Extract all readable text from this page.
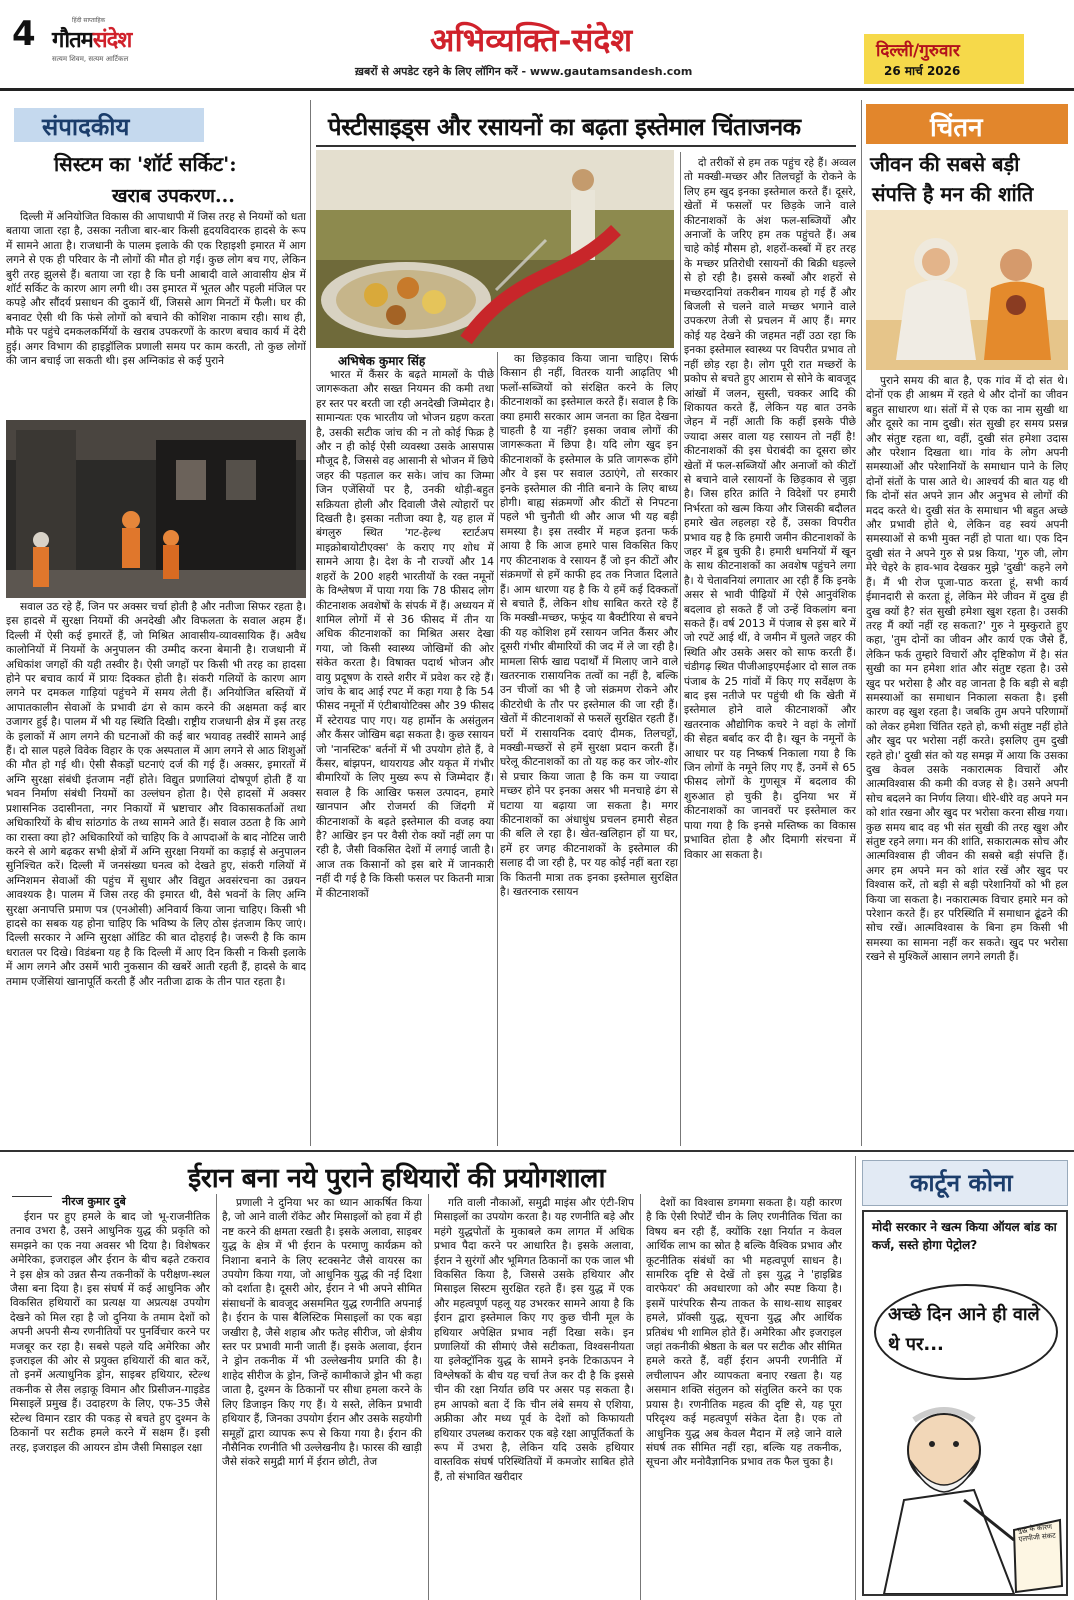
4	हिंदी साप्ताहिक
गौतमसंदेश
सत्यम शिवम, सत्यम आर्टिकल	अभिव्यक्ति-संदेश
ख़बरों से अपडेट रहने के लिए लॉगिन करें - www.gautamsandesh.com
दिल्ली/गुरुवार
26 मार्च 2026
संपादकीय
सिस्टम का 'शॉर्ट सर्किट':
खराब उपकरण...
दिल्ली में अनियोजित विकास की आपाधापी में जिस तरह से नियमों को धता बताया जाता रहा है, उसका नतीजा बार-बार किसी हृदयविदारक हादसे के रूप में सामने आता है। राजधानी के पालम इलाके की एक रिहाइशी इमारत में आग लगने से एक ही परिवार के नौ लोगों की मौत हो गई। कुछ लोग बच गए, लेकिन बुरी तरह झुलसे हैं। बताया जा रहा है कि घनी आबादी वाले आवासीय क्षेत्र में शॉर्ट सर्किट के कारण आग लगी थी। उस इमारत में भूतल और पहली मंजिल पर कपड़े और सौंदर्य प्रसाधन की दुकानें थीं, जिससे आग मिनटों में फैली। घर की बनावट ऐसी थी कि फंसे लोगों को बचाने की कोशिश नाकाम रही। साथ ही, मौके पर पहुंचे दमकलकर्मियों के खराब उपकरणों के कारण बचाव कार्य में देरी हुई। अगर विभाग की हाइड्रॉलिक प्रणाली समय पर काम करती, तो कुछ लोगों की जान बचाई जा सकती थी। इस अग्निकांड से कई पुराने
सवाल उठ रहे हैं, जिन पर अक्सर चर्चा होती है और नतीजा सिफर रहता है। इस हादसे में सुरक्षा नियमों की अनदेखी और विफलता के सवाल अहम हैं। दिल्ली में ऐसी कई इमारतें हैं, जो मिश्रित आवासीय-व्यावसायिक हैं। अवैध कालोनियों में नियमों के अनुपालन की उम्मीद करना बेमानी है। राजधानी में अधिकांश जगहों की यही तस्वीर है। ऐसी जगहों पर किसी भी तरह का हादसा होने पर बचाव कार्य में प्रायः दिक्कत होती है। संकरी गलियों के कारण आग लगने पर दमकल गाड़ियां पहुंचने में समय लेती हैं। अनियोजित बस्तियों में आपातकालीन सेवाओं के प्रभावी ढंग से काम करने की अक्षमता कई बार उजागर हुई है। पालम में भी यह स्थिति दिखी। राष्ट्रीय राजधानी क्षेत्र में इस तरह के इलाकों में आग लगने की घटनाओं की कई बार भयावह तस्वीरें सामने आई हैं। दो साल पहले विवेक विहार के एक अस्पताल में आग लगने से आठ शिशुओं की मौत हो गई थी। ऐसी सैकड़ों घटनाएं दर्ज की गई हैं। अक्सर, इमारतों में अग्नि सुरक्षा संबंधी इंतजाम नहीं होते। विद्युत प्रणालियां दोषपूर्ण होती हैं या भवन निर्माण संबंधी नियमों का उल्लंघन होता है। ऐसे हादसों में अक्सर प्रशासनिक उदासीनता, नगर निकायों में भ्रष्टाचार और विकासकर्ताओं तथा अधिकारियों के बीच सांठगांठ के तथ्य सामने आते हैं। सवाल उठता है कि आगे का रास्ता क्या हो? अधिकारियों को चाहिए कि वे आपदाओं के बाद नोटिस जारी करने से आगे बढ़कर सभी क्षेत्रों में अग्नि सुरक्षा नियमों का कड़ाई से अनुपालन सुनिश्चित करें। दिल्ली में जनसंख्या घनत्व को देखते हुए, संकरी गलियों में अग्निशमन सेवाओं की पहुंच में सुधार और विद्युत अवसंरचना का उन्नयन आवश्यक है। पालम में जिस तरह की इमारत थी, वैसे भवनों के लिए अग्नि सुरक्षा अनापत्ति प्रमाण पत्र (एनओसी) अनिवार्य किया जाना चाहिए। किसी भी हादसे का सबक यह होना चाहिए कि भविष्य के लिए ठोस इंतजाम किए जाएं। दिल्ली सरकार ने अग्नि सुरक्षा ऑडिट की बात दोहराई है। जरूरी है कि काम धरातल पर दिखे। विडंबना यह है कि दिल्ली में आए दिन किसी न किसी इलाके में आग लगने और उसमें भारी नुकसान की खबरें आती रहती हैं, हादसे के बाद तमाम एजेंसियां खानापूर्ति करती हैं और नतीजा ढाक के तीन पात रहता है।
पेस्टीसाइड्स और रसायनों का बढ़ता इस्तेमाल चिंताजनक
अभिषेक कुमार सिंह
भारत में कैंसर के बढ़ते मामलों के पीछे जागरूकता और सख्त नियमन की कमी तथा हर स्तर पर बरती जा रही अनदेखी जिम्मेदार है। सामान्यतः एक भारतीय जो भोजन ग्रहण करता है, उसकी सटीक जांच की न तो कोई फिक्र है और न ही कोई ऐसी व्यवस्था उसके आसपास मौजूद है, जिससे वह आसानी से भोजन में छिपे जहर की पड़ताल कर सके। जांच का जिम्मा जिन एजेंसियों पर है, उनकी थोड़ी-बहुत सक्रियता होली और दिवाली जैसे त्योहारों पर दिखती है। इसका नतीजा क्या है, यह हाल में बंगलुरु स्थित 'गट-हेल्थ स्टार्टअप माइक्रोबायोटीएक्स' के कराए गए शोध में सामने आया है। देश के नौ राज्यों और 14 शहरों के 200 शहरी भारतीयों के रक्त नमूनों के विश्लेषण में पाया गया कि 78 फीसद लोग कीटनाशक अवशेषों के संपर्क में हैं। अध्ययन में शामिल लोगों में से 36 फीसद में तीन या अधिक कीटनाशकों का मिश्रित असर देखा गया, जो किसी स्वास्थ्य जोखिमों की ओर संकेत करता है। विषाक्त पदार्थ भोजन और वायु प्रदूषण के रास्ते शरीर में प्रवेश कर रहे हैं। जांच के बाद आई रपट में कहा गया है कि 54 फीसद नमूनों में एंटीबायोटिक्स और 39 फीसद में स्टेरायड पाए गए। यह हार्मोन के असंतुलन और कैंसर जोखिम बढ़ा सकता है। कुछ रसायन जो 'नानस्टिक' बर्तनों में भी उपयोग होते हैं, वे कैंसर, बांझपन, थायरायड और यकृत में गंभीर बीमारियों के लिए मुख्य रूप से जिम्मेदार हैं। सवाल है कि आखिर फसल उत्पादन, हमारे खानपान और रोजमर्रा की जिंदगी में कीटनाशकों के बढ़ते इस्तेमाल की वजह क्या है? आखिर इन पर वैसी रोक क्यों नहीं लग पा रही है, जैसी विकसित देशों में लगाई जाती है। आज तक किसानों को इस बारे में जानकारी नहीं दी गई है कि किसी फसल पर कितनी मात्रा में कीटनाशकों
का छिड़काव किया जाना चाहिए। सिर्फ किसान ही नहीं, वितरक यानी आढ़तिए भी फलों-सब्जियों को संरक्षित करने के लिए कीटनाशकों का इस्तेमाल करते हैं। सवाल है कि क्या हमारी सरकार आम जनता का हित देखना चाहती है या नहीं? इसका जवाब लोगों की जागरूकता में छिपा है। यदि लोग खुद इन कीटनाशकों के इस्तेमाल के प्रति जागरूक होंगे और वे इस पर सवाल उठाएंगे, तो सरकार इनके इस्तेमाल की नीति बनाने के लिए बाध्य होगी। बाह्य संक्रमणों और कीटों से निपटना पहले भी चुनौती थी और आज भी यह बड़ी समस्या है। इस तस्वीर में महज इतना फर्क आया है कि आज हमारे पास विकसित किए गए कीटनाशक वे रसायन हैं जो इन कीटों और संक्रमणों से हमें काफी हद तक निजात दिलाते हैं। आम धारणा यह है कि ये हमें कई दिक्कतों से बचाते हैं, लेकिन शोध साबित करते रहे हैं कि मक्खी-मच्छर, फफूंद या बैक्टीरिया से बचने की यह कोशिश हमें रसायन जनित कैंसर और दूसरी गंभीर बीमारियों की जद में ले जा रही है। मामला सिर्फ खाद्य पदार्थों में मिलाए जाने वाले खतरनाक रासायनिक तत्वों का नहीं है, बल्कि उन चीजों का भी है जो संक्रमण रोकने और कीटरोधी के तौर पर इस्तेमाल की जा रही हैं। खेतों में कीटनाशकों से फसलें सुरक्षित रहती हैं। घरों में रासायनिक दवाएं दीमक, तिलचट्टों, मक्खी-मच्छरों से हमें सुरक्षा प्रदान करती हैं। घरेलू कीटनाशकों का तो यह कह कर जोर-शोर से प्रचार किया जाता है कि कम या ज्यादा मच्छर होने पर इनका असर भी मनचाहे ढंग से घटाया या बढ़ाया जा सकता है। मगर कीटनाशकों का अंधाधुंध प्रचलन हमारी सेहत की बलि ले रहा है। खेत-खलिहान हों या घर, हमें हर जगह कीटनाशकों के इस्तेमाल की सलाह दी जा रही है, पर यह कोई नहीं बता रहा कि कितनी मात्रा तक इनका इस्तेमाल सुरक्षित है। खतरनाक रसायन
दो तरीकों से हम तक पहुंच रहे हैं। अव्वल तो मक्खी-मच्छर और तिलचट्टों के रोकने के लिए हम खुद इनका इस्तेमाल करते हैं। दूसरे, खेतों में फसलों पर छिड़के जाने वाले कीटनाशकों के अंश फल-सब्जियों और अनाजों के जरिए हम तक पहुंचते हैं। अब चाहे कोई मौसम हो, शहरों-कस्बों में हर तरह के मच्छर प्रतिरोधी रसायनों की बिक्री धड़ल्ले से हो रही है। इससे कस्बों और शहरों से मच्छरदानियां तकरीबन गायब हो गई हैं और बिजली से चलने वाले मच्छर भगाने वाले उपकरण तेजी से प्रचलन में आए हैं। मगर कोई यह देखने की जहमत नहीं उठा रहा कि इनका इस्तेमाल स्वास्थ्य पर विपरीत प्रभाव तो नहीं छोड़ रहा है। लोग पूरी रात मच्छरों के प्रकोप से बचते हुए आराम से सोने के बावजूद आंखों में जलन, सुस्ती, चक्कर आदि की शिकायत करते हैं, लेकिन यह बात उनके जेहन में नहीं आती कि कहीं इसके पीछे ज्यादा असर वाला यह रसायन तो नहीं है! कीटनाशकों की इस घेराबंदी का दूसरा छोर खेतों में फल-सब्जियों और अनाजों को कीटों से बचाने वाले रसायनों के छिड़काव से जुड़ा है। जिस हरित क्रांति ने विदेशों पर हमारी निर्भरता को खत्म किया और जिसकी बदौलत हमारे खेत लहलहा रहे हैं, उसका विपरीत प्रभाव यह है कि हमारी जमीन कीटनाशकों के जहर में डूब चुकी है। हमारी धमनियों में खून के साथ कीटनाशकों का अवशेष पहुंचने लगा है। ये चेतावनियां लगातार आ रही हैं कि इनके असर से भावी पीढ़ियों में ऐसे आनुवंशिक बदलाव हो सकते हैं जो उन्हें विकलांग बना सकते हैं। वर्ष 2013 में पंजाब से इस बारे में जो रपटें आई थीं, वे जमीन में घुलते जहर की स्थिति और उसके असर को साफ करती हैं। चंडीगढ़ स्थित पीजीआइएमईआर दो साल तक पंजाब के 25 गांवों में किए गए सर्वेक्षण के बाद इस नतीजे पर पहुंची थी कि खेती में इस्तेमाल होने वाले कीटनाशकों और खतरनाक औद्योगिक कचरे ने वहां के लोगों की सेहत बर्बाद कर दी है। खून के नमूनों के आधार पर यह निष्कर्ष निकाला गया है कि जिन लोगों के नमूने लिए गए हैं, उनमें से 65 फीसद लोगों के गुणसूत्र में बदलाव की शुरुआत हो चुकी है। दुनिया भर में कीटनाशकों का जानवरों पर इस्तेमाल कर पाया गया है कि इनसे मस्तिष्क का विकास प्रभावित होता है और दिमागी संरचना में विकार आ सकता है।
चिंतन
जीवन की सबसे बड़ी
संपत्ति है मन की शांति
पुराने समय की बात है, एक गांव में दो संत थे। दोनों एक ही आश्रम में रहते थे और दोनों का जीवन बहुत साधारण था। संतों में से एक का नाम सुखी था और दूसरे का नाम दुखी। संत सुखी हर समय प्रसन्न और संतुष्ट रहता था, वहीं, दुखी संत हमेशा उदास और परेशान दिखता था। गांव के लोग अपनी समस्याओं और परेशानियों के समाधान पाने के लिए दोनों संतों के पास आते थे। आश्चर्य की बात यह थी कि दोनों संत अपने ज्ञान और अनुभव से लोगों की मदद करते थे। दुखी संत के समाधान भी बहुत अच्छे और प्रभावी होते थे, लेकिन वह स्वयं अपनी समस्याओं से कभी मुक्त नहीं हो पाता था। एक दिन दुखी संत ने अपने गुरु से प्रश्न किया, 'गुरु जी, लोग मेरे चेहरे के हाव-भाव देखकर मुझे 'दुखी' कहने लगे हैं। मैं भी रोज पूजा-पाठ करता हूं, सभी कार्य ईमानदारी से करता हूं, लेकिन मेरे जीवन में दुख ही दुख क्यों है? संत सुखी हमेशा खुश रहता है। उसकी तरह मैं क्यों नहीं रह सकता?' गुरु ने मुस्कुराते हुए कहा, 'तुम दोनों का जीवन और कार्य एक जैसे हैं, लेकिन फर्क तुम्हारे विचारों और दृष्टिकोण में है। संत सुखी का मन हमेशा शांत और संतुष्ट रहता है। उसे खुद पर भरोसा है और वह जानता है कि बड़ी से बड़ी समस्याओं का समाधान निकाला सकता है। इसी कारण वह खुश रहता है। जबकि तुम अपने परिणामों को लेकर हमेशा चिंतित रहते हो, कभी संतुष्ट नहीं होते और खुद पर भरोसा नहीं करते। इसलिए तुम दुखी रहते हो।' दुखी संत को यह समझ में आया कि उसका दुख केवल उसके नकारात्मक विचारों और आत्मविश्वास की कमी की वजह से है। उसने अपनी सोच बदलने का निर्णय लिया। धीरे-धीरे वह अपने मन को शांत रखना और खुद पर भरोसा करना सीख गया। कुछ समय बाद वह भी संत सुखी की तरह खुश और संतुष्ट रहने लगा। मन की शांति, सकारात्मक सोच और आत्मविश्वास ही जीवन की सबसे बड़ी संपत्ति हैं। अगर हम अपने मन को शांत रखें और खुद पर विश्वास करें, तो बड़ी से बड़ी परेशानियों को भी हल किया जा सकता है। नकारात्मक विचार हमारे मन को परेशान करते हैं। हर परिस्थिति में समाधान ढूंढने की सोच रखें। आत्मविश्वास के बिना हम किसी भी समस्या का सामना नहीं कर सकते। खुद पर भरोसा रखने से मुश्किलें आसान लगने लगती हैं।
ईरान बना नये पुराने हथियारों की प्रयोगशाला
नीरज कुमार दुबे
ईरान पर हुए हमले के बाद जो भू-राजनीतिक तनाव उभरा है, उसने आधुनिक युद्ध की प्रकृति को समझने का एक नया अवसर भी दिया है। विशेषकर अमेरिका, इजराइल और ईरान के बीच बढ़ते टकराव ने इस क्षेत्र को उन्नत सैन्य तकनीकों के परीक्षण-स्थल जैसा बना दिया है। इस संघर्ष में कई आधुनिक और विकसित हथियारों का प्रत्यक्ष या अप्रत्यक्ष उपयोग देखने को मिल रहा है जो दुनिया के तमाम देशों को अपनी अपनी सैन्य रणनीतियों पर पुनर्विचार करने पर मजबूर कर रहा है। सबसे पहले यदि अमेरिका और इजराइल की ओर से प्रयुक्त हथियारों की बात करें, तो इनमें अत्याधुनिक ड्रोन, साइबर हथियार, स्टेल्थ तकनीक से लैस लड़ाकू विमान और प्रिसीजन-गाइडेड मिसाइलें प्रमुख हैं। उदाहरण के लिए, एफ-35 जैसे स्टेल्थ विमान रडार की पकड़ से बचते हुए दुश्मन के ठिकानों पर सटीक हमले करने में सक्षम हैं। इसी तरह, इजराइल की आयरन डोम जैसी मिसाइल रक्षा
प्रणाली ने दुनिया भर का ध्यान आकर्षित किया है, जो आने वाली रॉकेट और मिसाइलों को हवा में ही नष्ट करने की क्षमता रखती है। इसके अलावा, साइबर युद्ध के क्षेत्र में भी ईरान के परमाणु कार्यक्रम को निशाना बनाने के लिए स्टक्सनेट जैसे वायरस का उपयोग किया गया, जो आधुनिक युद्ध की नई दिशा को दर्शाता है। दूसरी ओर, ईरान ने भी अपने सीमित संसाधनों के बावजूद असममित युद्ध रणनीति अपनाई है। ईरान के पास बैलिस्टिक मिसाइलों का एक बड़ा जखीरा है, जैसे शहाब और फतेह सीरीज, जो क्षेत्रीय स्तर पर प्रभावी मानी जाती हैं। इसके अलावा, ईरान ने ड्रोन तकनीक में भी उल्लेखनीय प्रगति की है। शाहेद सीरीज के ड्रोन, जिन्हें कामीकाजे ड्रोन भी कहा जाता है, दुश्मन के ठिकानों पर सीधा हमला करने के लिए डिजाइन किए गए हैं। ये सस्ते, लेकिन प्रभावी हथियार हैं, जिनका उपयोग ईरान और उसके सहयोगी समूहों द्वारा व्यापक रूप से किया गया है। ईरान की नौसैनिक रणनीति भी उल्लेखनीय है। फारस की खाड़ी जैसे संकरे समुद्री मार्ग में ईरान छोटी, तेज
गति वाली नौकाओं, समुद्री माइंस और एंटी-शिप मिसाइलों का उपयोग करता है। यह रणनीति बड़े और महंगे युद्धपोतों के मुकाबले कम लागत में अधिक प्रभाव पैदा करने पर आधारित है। इसके अलावा, ईरान ने सुरंगों और भूमिगत ठिकानों का एक जाल भी विकसित किया है, जिससे उसके हथियार और मिसाइल सिस्टम सुरक्षित रहते हैं। इस युद्ध में एक और महत्वपूर्ण पहलू यह उभरकर सामने आया है कि ईरान द्वारा इस्तेमाल किए गए कुछ चीनी मूल के हथियार अपेक्षित प्रभाव नहीं दिखा सके। इन प्रणालियों की सीमाएं जैसे सटीकता, विश्वसनीयता या इलेक्ट्रॉनिक युद्ध के सामने इनके टिकाऊपन ने विश्लेषकों के बीच यह चर्चा तेज कर दी है कि इससे चीन की रक्षा निर्यात छवि पर असर पड़ सकता है। हम आपको बता दें कि चीन लंबे समय से एशिया, अफ्रीका और मध्य पूर्व के देशों को किफायती हथियार उपलब्ध कराकर एक बड़े रक्षा आपूर्तिकर्ता के रूप में उभरा है, लेकिन यदि उसके हथियार वास्तविक संघर्ष परिस्थितियों में कमजोर साबित होते हैं, तो संभावित खरीदार
देशों का विश्वास डगमगा सकता है। यही कारण है कि ऐसी रिपोर्टें चीन के लिए रणनीतिक चिंता का विषय बन रही हैं, क्योंकि रक्षा निर्यात न केवल आर्थिक लाभ का स्रोत है बल्कि वैश्विक प्रभाव और कूटनीतिक संबंधों का भी महत्वपूर्ण साधन है। सामरिक दृष्टि से देखें तो इस युद्ध ने 'हाइब्रिड वारफेयर' की अवधारणा को और स्पष्ट किया है। इसमें पारंपरिक सैन्य ताकत के साथ-साथ साइबर हमले, प्रॉक्सी युद्ध, सूचना युद्ध और आर्थिक प्रतिबंध भी शामिल होते हैं। अमेरिका और इजराइल जहां तकनीकी श्रेष्ठता के बल पर सटीक और सीमित हमले करते हैं, वहीं ईरान अपनी रणनीति में लचीलापन और व्यापकता बनाए रखता है। यह असमान शक्ति संतुलन को संतुलित करने का एक प्रयास है। रणनीतिक महत्व की दृष्टि से, यह पूरा परिदृश्य कई महत्वपूर्ण संकेत देता है। एक तो आधुनिक युद्ध अब केवल मैदान में लड़े जाने वाले संघर्ष तक सीमित नहीं रहा, बल्कि यह तकनीक, सूचना और मनोवैज्ञानिक प्रभाव तक फैल चुका है।
कार्टून कोना
मोदी सरकार ने खत्म किया ऑयल बांड का कर्ज, सस्ते होगा पेट्रोल?
अच्छे दिन आने ही वाले थे पर...
युद्ध के कारण एलपीजी संकट
